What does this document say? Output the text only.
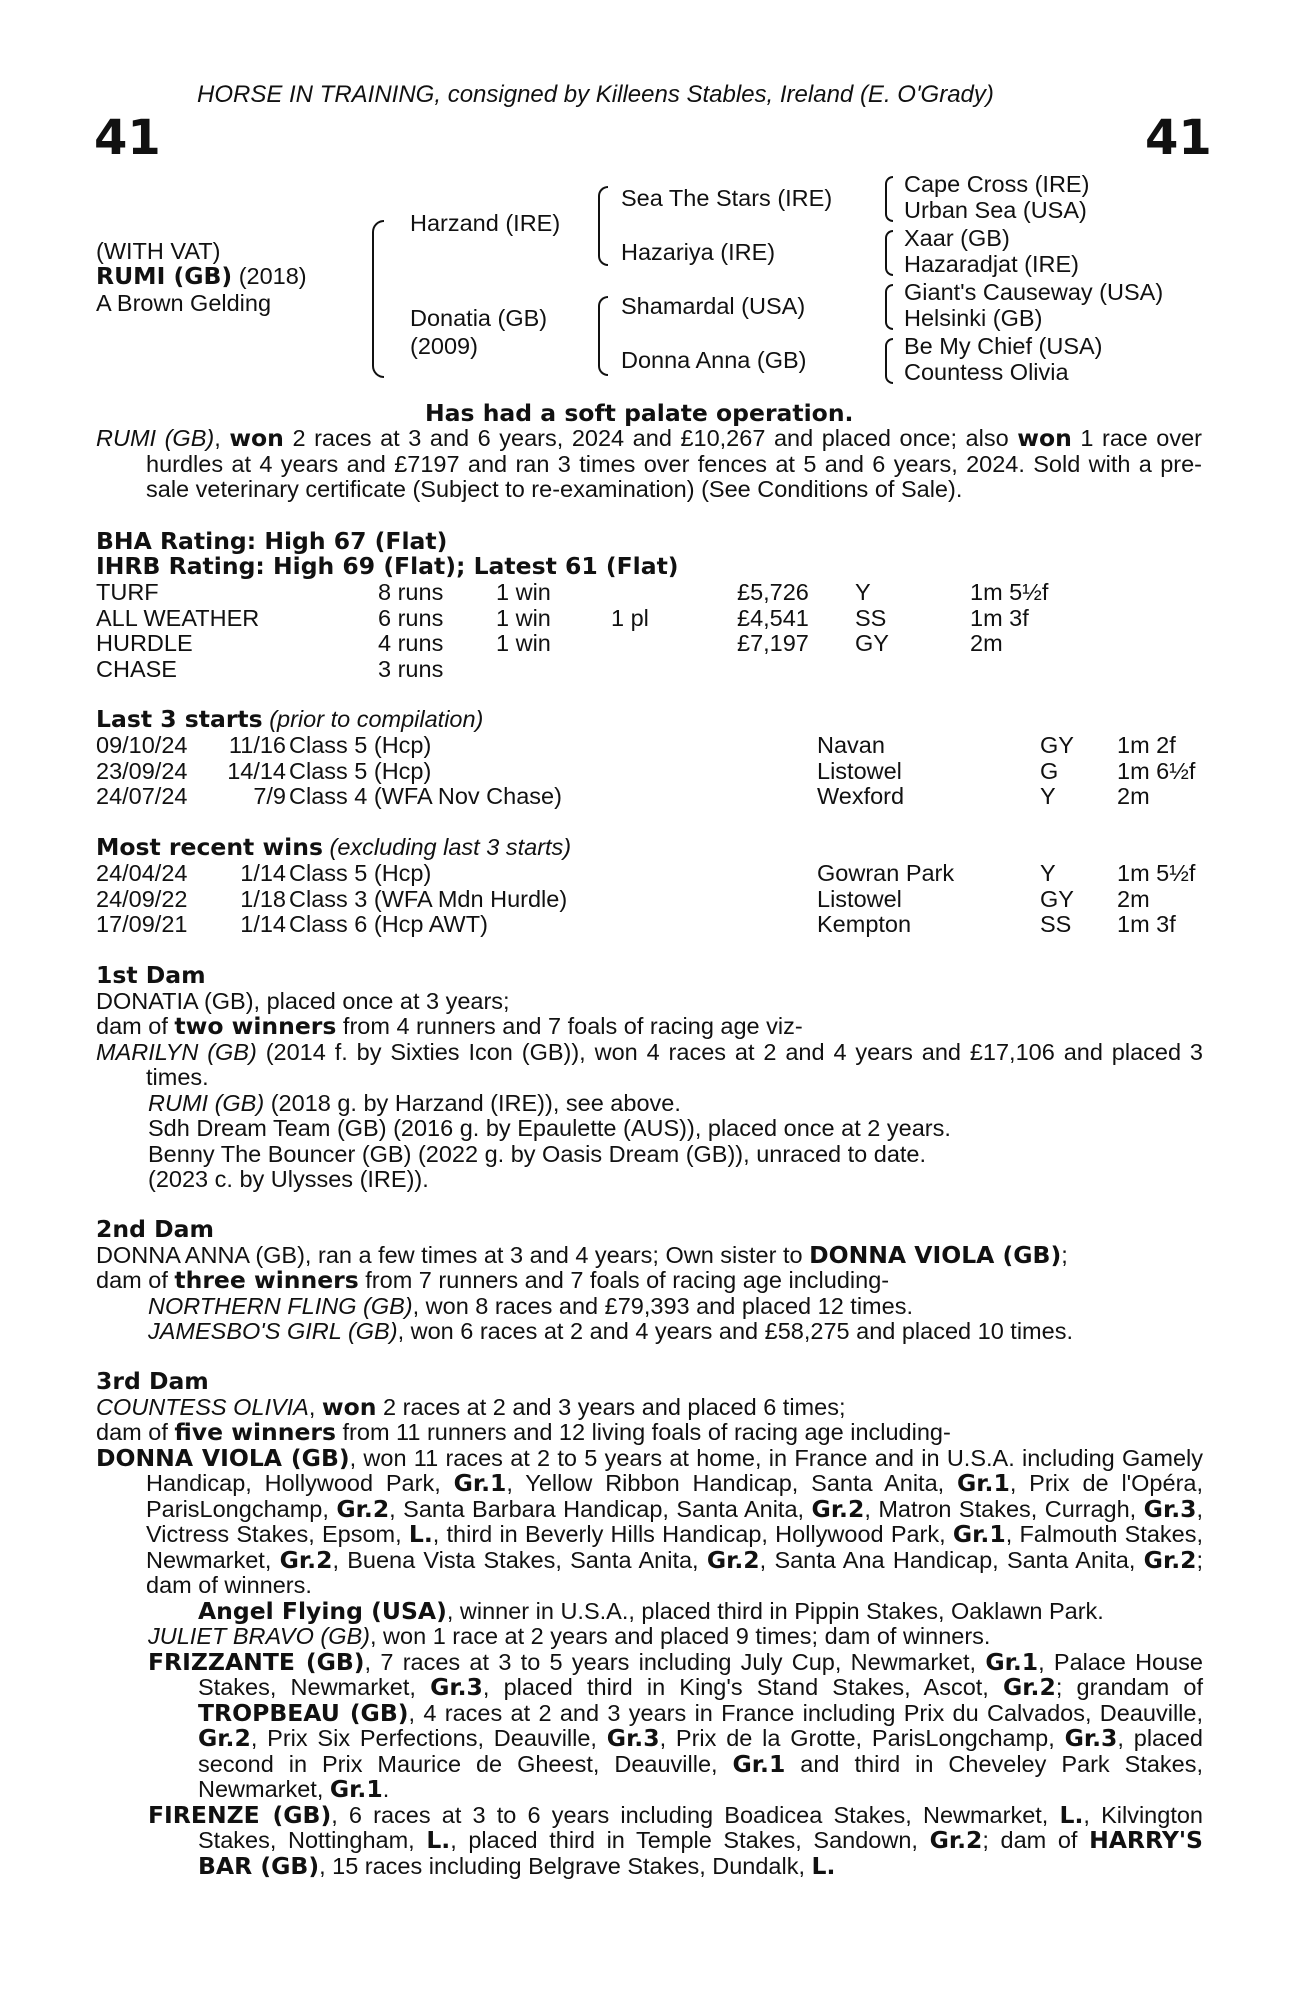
HORSE IN TRAINING, consigned by Killeens Stables, Ireland (E. O'Grady)
41	41
(WITH VAT)
RUMI (GB) (2018)
A Brown Gelding
Harzand (IRE)
Donatia (GB)
(2009)
Sea The Stars (IRE)
Hazariya (IRE)
Shamardal (USA)
Donna Anna (GB)
Cape Cross (IRE)
Urban Sea (USA)
Xaar (GB)
Hazaradjat (IRE)
Giant's Causeway (USA)
Helsinki (GB)
Be My Chief (USA)
Countess Olivia
Has had a soft palate operation.
RUMI (GB), won 2 races at 3 and 6 years, 2024 and £10,267 and placed once; also won 1 race over hurdles at 4 years and £7197 and ran 3 times over fences at 5 and 6 years, 2024. Sold with a pre-sale veterinary certificate (Subject to re-examination) (See Conditions of Sale).
BHA Rating: High 67 (Flat)
IHRB Rating: High 69 (Flat); Latest 61 (Flat)
TURF	8 runs 1 win	£5,726 Y	1m 5½f
ALL WEATHER	6 runs 1 win	1 pl	£4,541 SS	1m 3f
HURDLE	4 runs 1 win	£7,197 GY	2m
CHASE	3 runs
Last 3 starts (prior to compilation)
09/10/24	11/16 Class 5 (Hcp)	Navan	GY 1m 2f
23/09/24	14/14 Class 5 (Hcp)	Listowel	G 1m 6½f
24/07/24	7/9 Class 4 (WFA Nov Chase)	Wexford	Y	2m
Most recent wins (excluding last 3 starts)
24/04/24	1/14 Class 5 (Hcp)	Gowran Park	Y	1m 5½f
24/09/22	1/18 Class 3 (WFA Mdn Hurdle)	Listowel	GY 2m
17/09/21	1/14 Class 6 (Hcp AWT)	Kempton	SS 1m 3f
1st Dam
DONATIA (GB), placed once at 3 years;
dam of two winners from 4 runners and 7 foals of racing age viz-
MARILYN (GB) (2014 f. by Sixties Icon (GB)), won 4 races at 2 and 4 years and £17,106 and placed 3 times.
RUMI (GB) (2018 g. by Harzand (IRE)), see above.
Sdh Dream Team (GB) (2016 g. by Epaulette (AUS)), placed once at 2 years.
Benny The Bouncer (GB) (2022 g. by Oasis Dream (GB)), unraced to date.
(2023 c. by Ulysses (IRE)).
2nd Dam
DONNA ANNA (GB), ran a few times at 3 and 4 years; Own sister to DONNA VIOLA (GB);
dam of three winners from 7 runners and 7 foals of racing age including-
NORTHERN FLING (GB), won 8 races and £79,393 and placed 12 times.
JAMESBO'S GIRL (GB), won 6 races at 2 and 4 years and £58,275 and placed 10 times.
3rd Dam
COUNTESS OLIVIA, won 2 races at 2 and 3 years and placed 6 times;
dam of five winners from 11 runners and 12 living foals of racing age including-
DONNA VIOLA (GB), won 11 races at 2 to 5 years at home, in France and in U.S.A. including Gamely Handicap, Hollywood Park, Gr.1, Yellow Ribbon Handicap, Santa Anita, Gr.1, Prix de l'Opéra, ParisLongchamp, Gr.2, Santa Barbara Handicap, Santa Anita, Gr.2, Matron Stakes, Curragh, Gr.3, Victress Stakes, Epsom, L., third in Beverly Hills Handicap, Hollywood Park, Gr.1, Falmouth Stakes, Newmarket, Gr.2, Buena Vista Stakes, Santa Anita, Gr.2, Santa Ana Handicap, Santa Anita, Gr.2; dam of winners.
Angel Flying (USA), winner in U.S.A., placed third in Pippin Stakes, Oaklawn Park.
JULIET BRAVO (GB), won 1 race at 2 years and placed 9 times; dam of winners.
FRIZZANTE (GB), 7 races at 3 to 5 years including July Cup, Newmarket, Gr.1, Palace House Stakes, Newmarket, Gr.3, placed third in King's Stand Stakes, Ascot, Gr.2; grandam of TROPBEAU (GB), 4 races at 2 and 3 years in France including Prix du Calvados, Deauville, Gr.2, Prix Six Perfections, Deauville, Gr.3, Prix de la Grotte, ParisLongchamp, Gr.3, placed second in Prix Maurice de Gheest, Deauville, Gr.1 and third in Cheveley Park Stakes, Newmarket, Gr.1.
FIRENZE (GB), 6 races at 3 to 6 years including Boadicea Stakes, Newmarket, L., Kilvington Stakes, Nottingham, L., placed third in Temple Stakes, Sandown, Gr.2; dam of HARRY'S BAR (GB), 15 races including Belgrave Stakes, Dundalk, L.
